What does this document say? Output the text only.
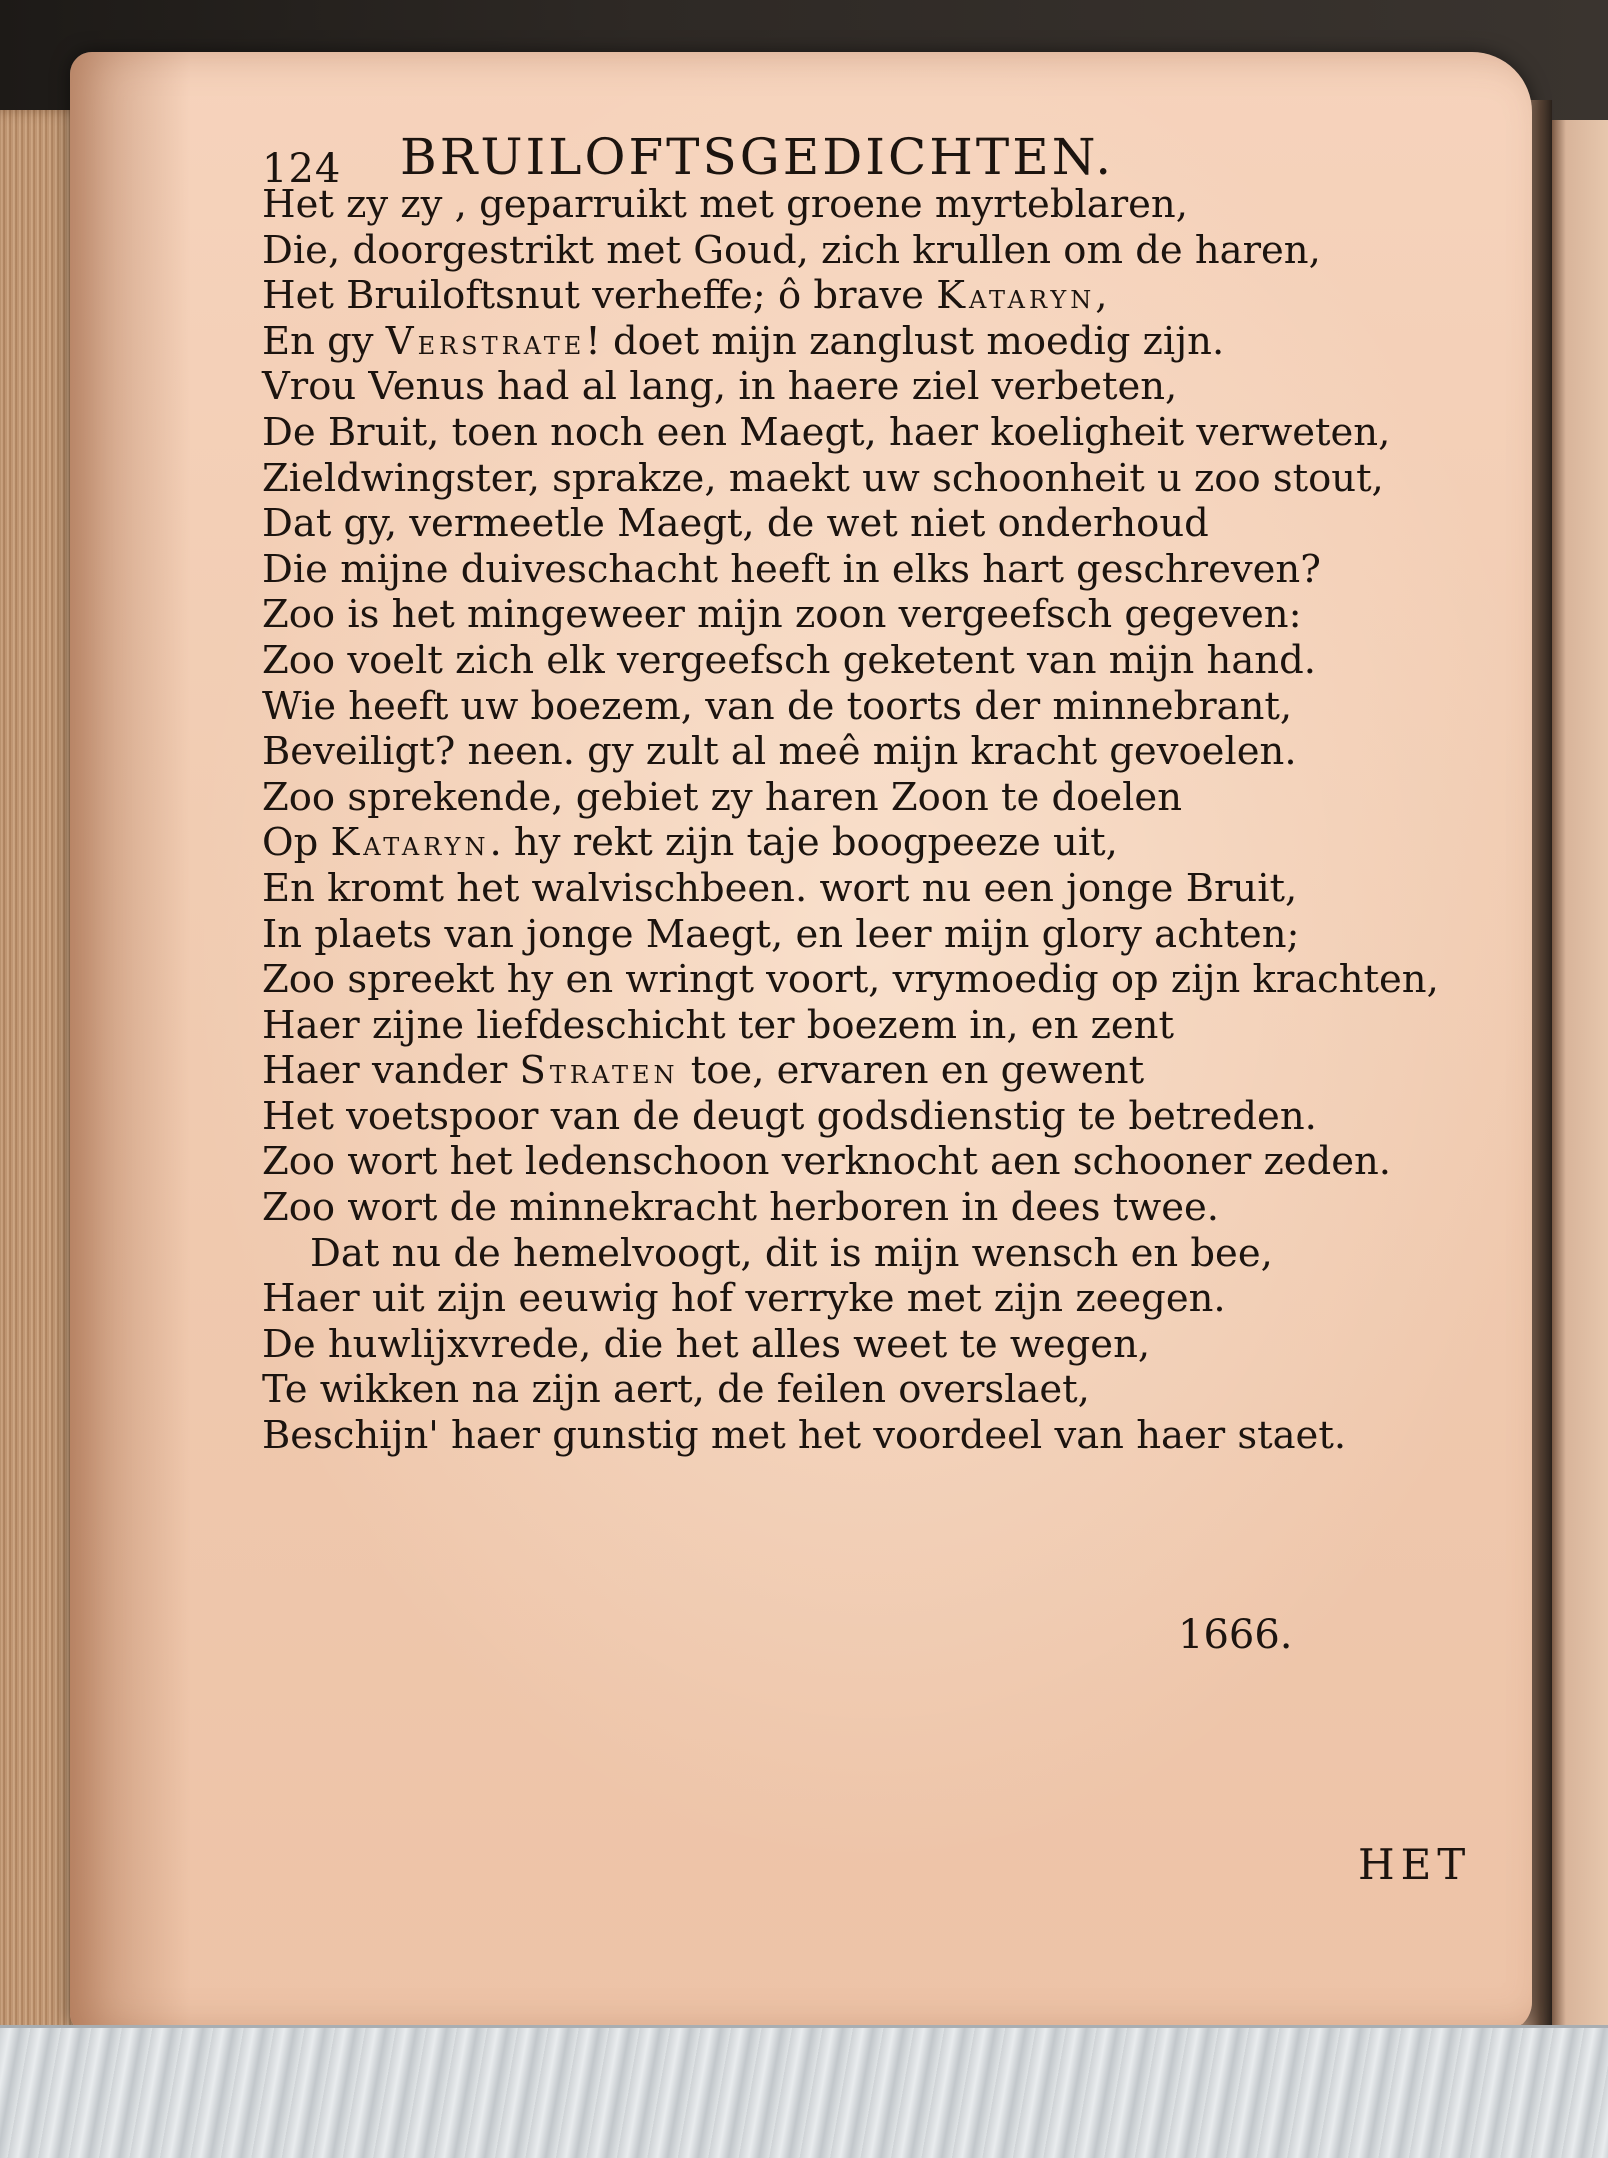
124 BRUILOFTSGEDICHTEN.
Het zy zy , geparruikt met groene myrteblaren,
Die, doorgestrikt met Goud, zich krullen om de haren,
Het Bruiloftsnut verheffe; ô brave KATARYN,
En gy VERSTRATE! doet mijn zanglust moedig zijn.
Vrou Venus had al lang, in haere ziel verbeten,
De Bruit, toen noch een Maegt, haer koeligheit verweten,
Zieldwingster, sprakze, maekt uw schoonheit u zoo stout,
Dat gy, vermeetle Maegt, de wet niet onderhoud
Die mijne duiveschacht heeft in elks hart geschreven?
Zoo is het mingeweer mijn zoon vergeefsch gegeven:
Zoo voelt zich elk vergeefsch geketent van mijn hand.
Wie heeft uw boezem, van de toorts der minnebrant,
Beveiligt? neen. gy zult al meê mijn kracht gevoelen.
Zoo sprekende, gebiet zy haren Zoon te doelen
Op KATARYN. hy rekt zijn taje boogpeeze uit,
En kromt het walvischbeen. wort nu een jonge Bruit,
In plaets van jonge Maegt, en leer mijn glory achten;
Zoo spreekt hy en wringt voort, vrymoedig op zijn krachten,
Haer zijne liefdeschicht ter boezem in, en zent
Haer vander STRATEN toe, ervaren en gewent
Het voetspoor van de deugt godsdienstig te betreden.
Zoo wort het ledenschoon verknocht aen schooner zeden.
Zoo wort de minnekracht herboren in dees twee.
Dat nu de hemelvoogt, dit is mijn wensch en bee,
Haer uit zijn eeuwig hof verryke met zijn zeegen.
De huwlijxvrede, die het alles weet te wegen,
Te wikken na zijn aert, de feilen overslaet,
Beschijn' haer gunstig met het voordeel van haer staet.
1666.
HET
